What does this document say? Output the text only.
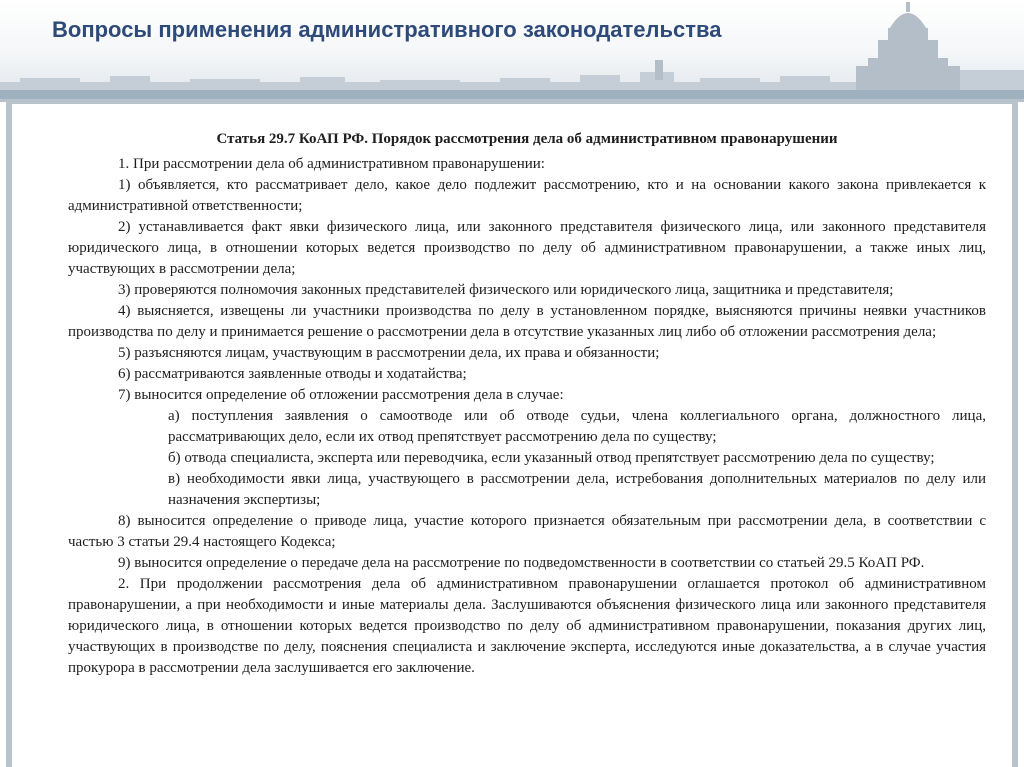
Вопросы применения административного законодательства

Статья 29.7 КоАП РФ. Порядок рассмотрения дела об административном правонарушении

1. При рассмотрении дела об административном правонарушении:

1) объявляется, кто рассматривает дело, какое дело подлежит рассмотрению, кто и на основании какого закона привлекается к административной ответственности;

2) устанавливается факт явки физического лица, или законного представителя физического лица, или законного представителя юридического лица, в отношении которых ведется производство по делу об административном правонарушении, а также иных лиц, участвующих в рассмотрении дела;

3) проверяются полномочия законных представителей физического или юридического лица, защитника и представителя;

4) выясняется, извещены ли участники производства по делу в установленном порядке, выясняются причины неявки участников производства по делу и принимается решение о рассмотрении дела в отсутствие указанных лиц либо об отложении рассмотрения дела;

5) разъясняются лицам, участвующим в рассмотрении дела, их права и обязанности;

6) рассматриваются заявленные отводы и ходатайства;

7) выносится определение об отложении рассмотрения дела в случае:

а) поступления заявления о самоотводе или об отводе судьи, члена коллегиального органа, должностного лица, рассматривающих дело, если их отвод препятствует рассмотрению дела по существу;

б) отвода специалиста, эксперта или переводчика, если указанный отвод препятствует рассмотрению дела по существу;

в) необходимости явки лица, участвующего в рассмотрении дела, истребования дополнительных материалов по делу или назначения экспертизы;

8) выносится определение о приводе лица, участие которого признается обязательным при рассмотрении дела, в соответствии с частью 3 статьи 29.4 настоящего Кодекса;

9) выносится определение о передаче дела на рассмотрение по подведомственности в соответствии со статьей 29.5 КоАП РФ.

2. При продолжении рассмотрения дела об административном правонарушении оглашается протокол об административном правонарушении, а при необходимости и иные материалы дела. Заслушиваются объяснения физического лица или законного представителя юридического лица, в отношении которых ведется производство по делу об административном правонарушении, показания других лиц, участвующих в производстве по делу, пояснения специалиста и заключение эксперта, исследуются иные доказательства, а в случае участия прокурора в рассмотрении дела заслушивается его заключение.
